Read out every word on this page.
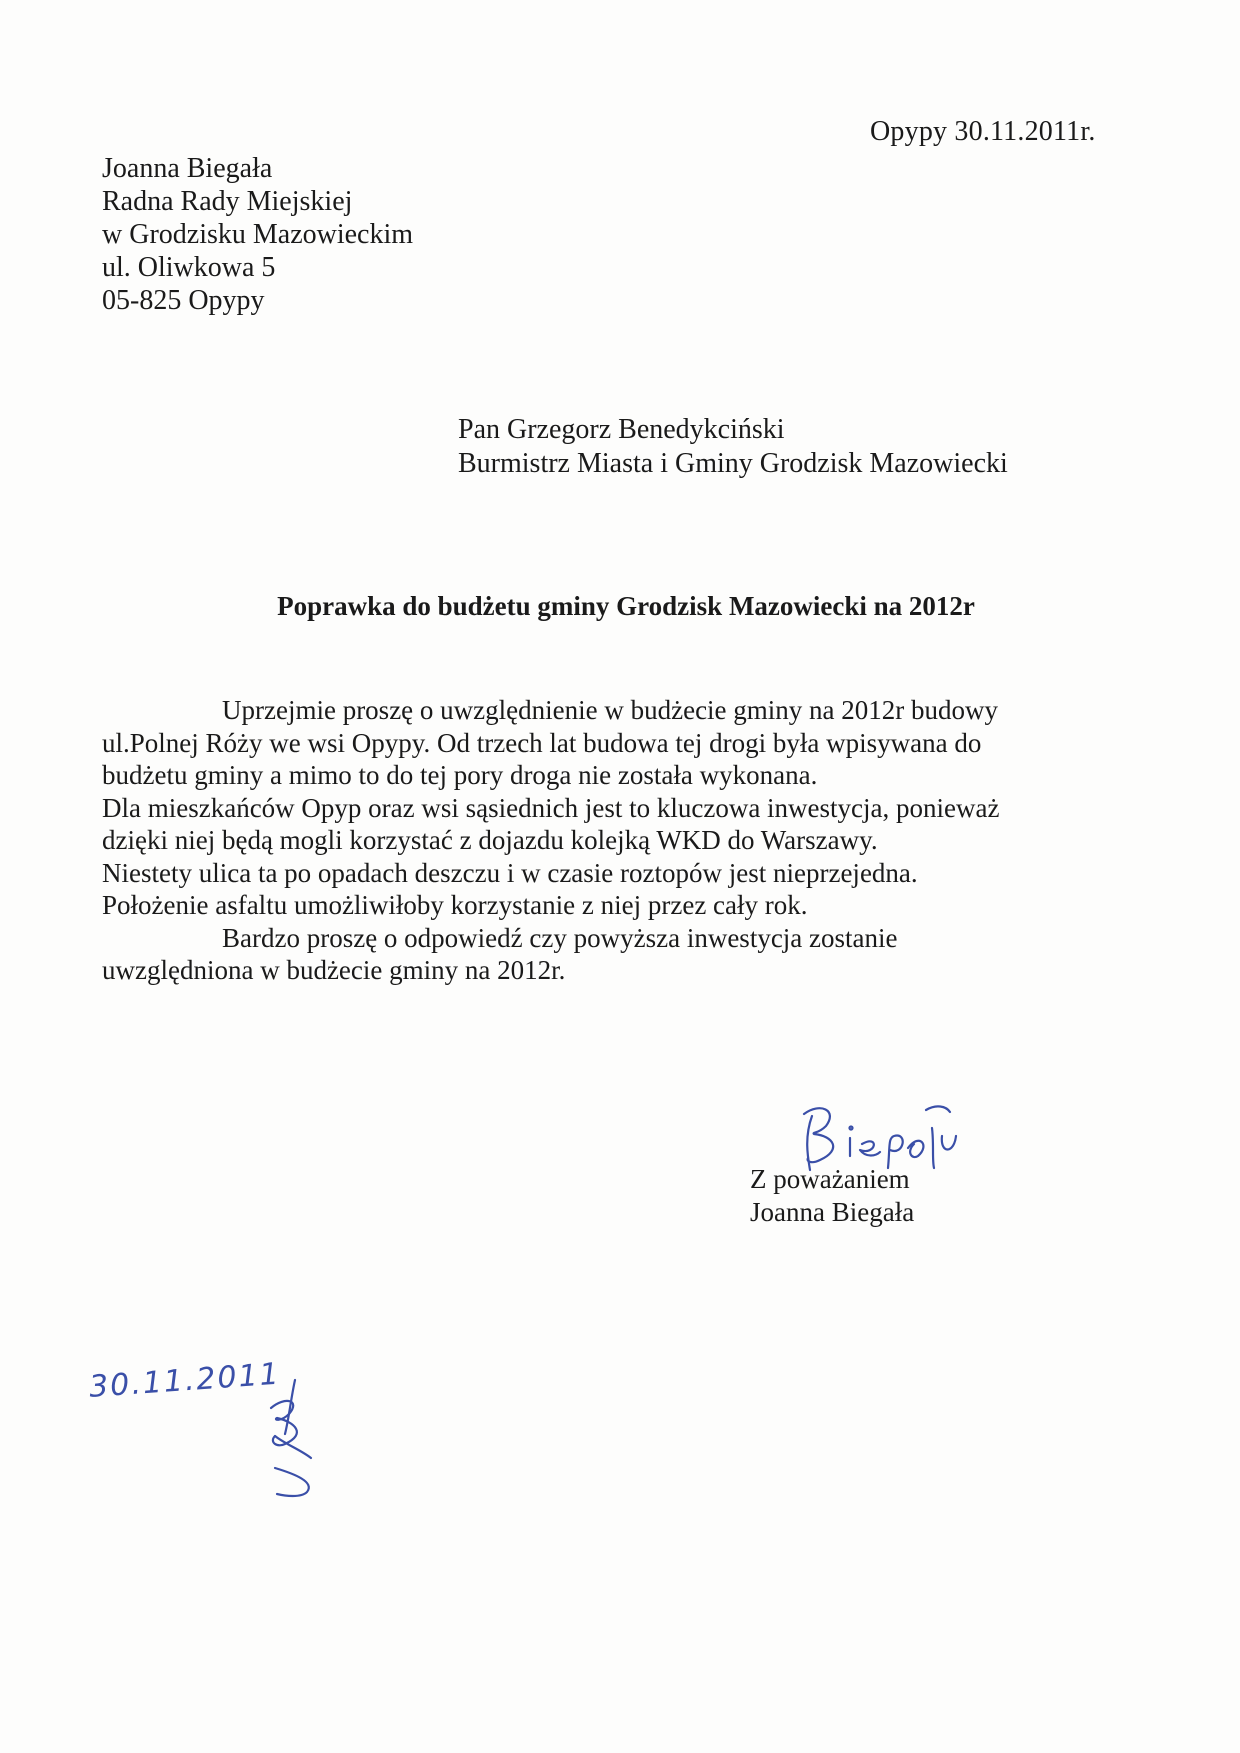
Opypy 30.11.2011r.
Joanna Biegała
Radna Rady Miejskiej
w Grodzisku Mazowieckim
ul. Oliwkowa 5
05-825 Opypy
Pan Grzegorz Benedykciński
Burmistrz Miasta i Gminy Grodzisk Mazowiecki
Poprawka do budżetu gminy Grodzisk Mazowiecki na 2012r
Uprzejmie proszę o uwzględnienie w budżecie gminy na 2012r budowy
ul.Polnej Róży we wsi Opypy. Od trzech lat budowa tej drogi była wpisywana do
budżetu gminy a mimo to do tej pory droga nie została wykonana.
Dla mieszkańców Opyp oraz wsi sąsiednich jest to kluczowa inwestycja, ponieważ
dzięki niej będą mogli korzystać z dojazdu kolejką WKD do Warszawy.
Niestety ulica ta po opadach deszczu i w czasie roztopów jest nieprzejedna.
Położenie asfaltu umożliwiłoby korzystanie z niej przez cały rok.
Bardzo proszę o odpowiedź czy powyższa inwestycja zostanie
uwzględniona w budżecie gminy na 2012r.
Z poważaniem
Joanna Biegała
30.11.2011
